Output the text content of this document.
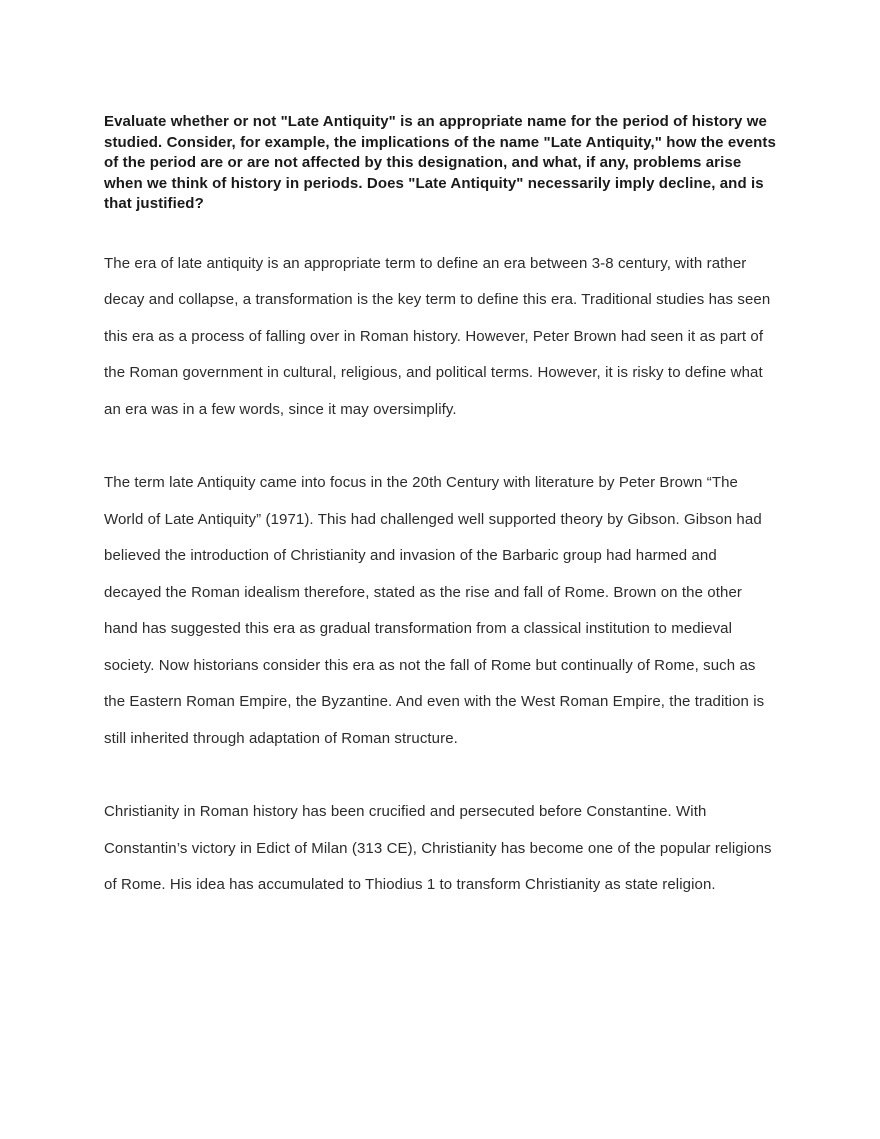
Evaluate whether or not "Late Antiquity" is an appropriate name for the period of history we studied. Consider, for example, the implications of the name "Late Antiquity," how the events of the period are or are not affected by this designation, and what, if any, problems arise when we think of history in periods. Does "Late Antiquity" necessarily imply decline, and is that justified?

The era of late antiquity is an appropriate term to define an era between 3-8 century, with rather decay and collapse, a transformation is the key term to define this era. Traditional studies has seen this era as a process of falling over in Roman history. However, Peter Brown had seen it as part of the Roman government in cultural, religious, and political terms. However, it is risky to define what an era was in a few words, since it may oversimplify.

The term late Antiquity came into focus in the 20th Century with literature by Peter Brown “The World of Late Antiquity” (1971). This had challenged well supported theory by Gibson. Gibson had believed the introduction of Christianity and invasion of the Barbaric group had harmed and decayed the Roman idealism therefore, stated as the rise and fall of Rome. Brown on the other hand has suggested this era as gradual transformation from a classical institution to medieval society. Now historians consider this era as not the fall of Rome but continually of Rome, such as the Eastern Roman Empire, the Byzantine. And even with the West Roman Empire, the tradition is still inherited through adaptation of Roman structure.

Christianity in Roman history has been crucified and persecuted before Constantine. With Constantin’s victory in Edict of Milan (313 CE), Christianity has become one of the popular religions of Rome. His idea has accumulated to Thiodius 1 to transform Christianity as state religion.
